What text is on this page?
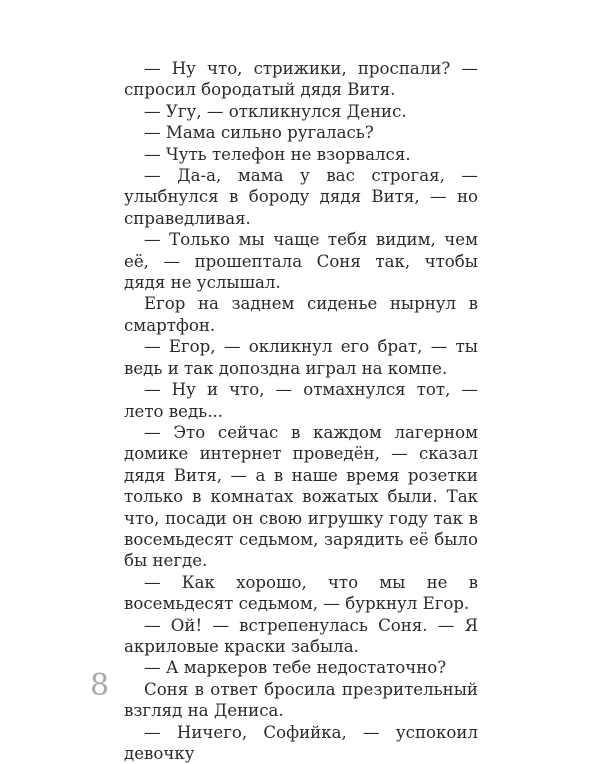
— Ну что, стрижики, проспали? — спросил бородатый дядя Витя.

— Угу, — откликнулся Денис.

— Мама сильно ругалась?

— Чуть телефон не взорвался.

— Да-а, мама у вас строгая, — улыбнулся в бороду дядя Витя, — но справедливая.

— Только мы чаще тебя видим, чем её, — прошептала Соня так, чтобы дядя не услышал.

Егор на заднем сиденье нырнул в смартфон.

— Егор, — окликнул его брат, — ты ведь и так допоздна играл на компе.

— Ну и что, — отмахнулся тот, — лето ведь...

— Это сейчас в каждом лагерном домике интернет проведён, — сказал дядя Витя, — а в наше время розетки только в комнатах вожатых были. Так что, посади он свою игрушку году так в восемьдесят седьмом, зарядить её было бы негде.

— Как хорошо, что мы не в восемьдесят седьмом, — буркнул Егор.

— Ой! — встрепенулась Соня. — Я акриловые краски забыла.

— А маркеров тебе недостаточно?

Соня в ответ бросила презрительный взгляд на Дениса.

— Ничего, Софийка, — успокоил девочку

8
